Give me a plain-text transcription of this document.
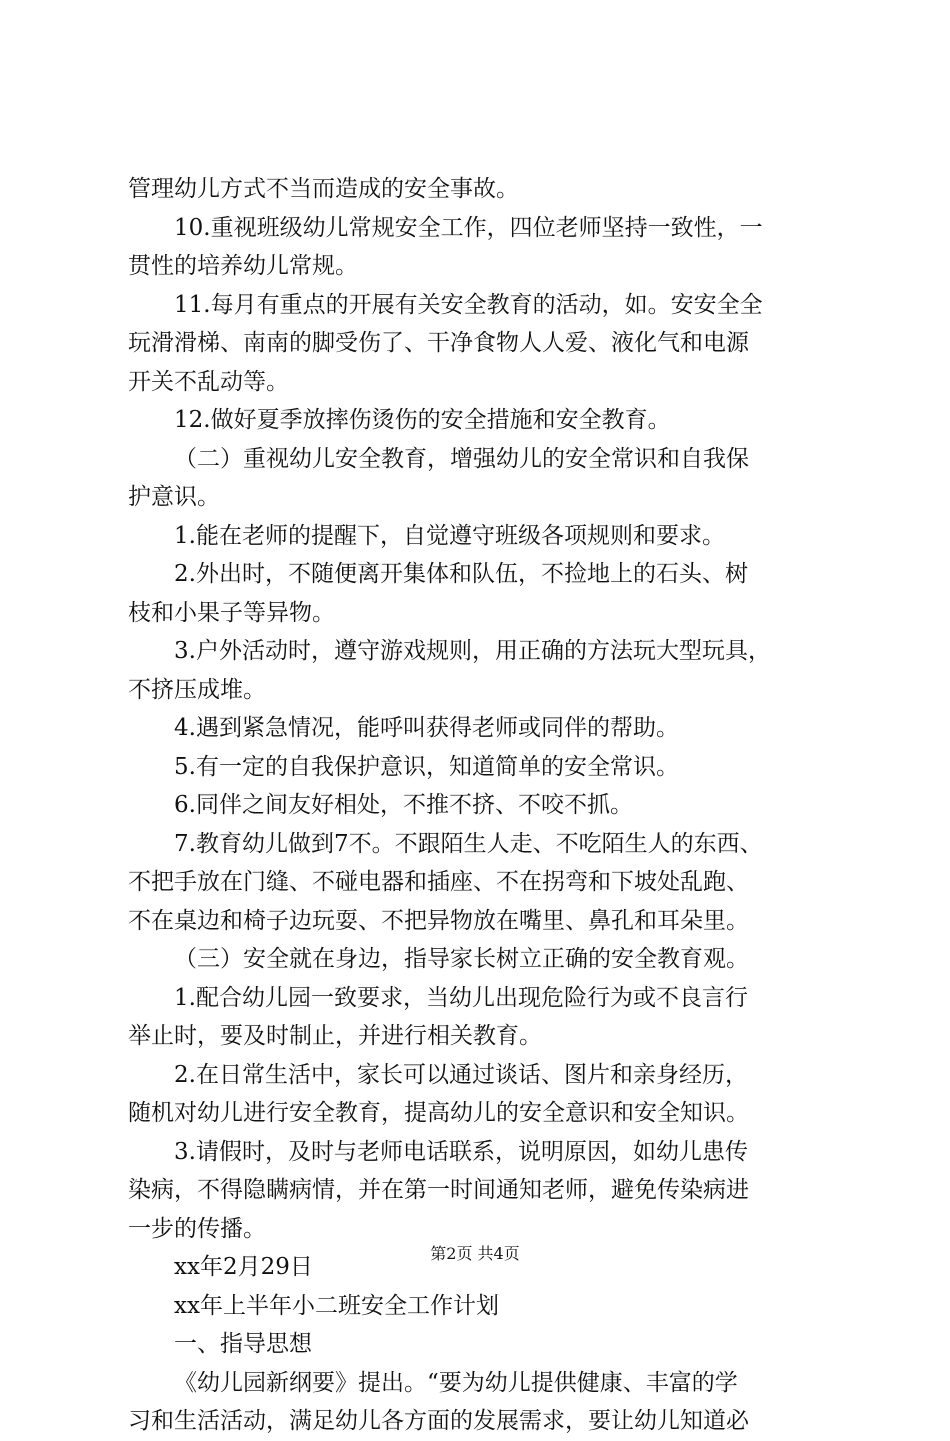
管理幼儿方式不当而造成的安全事故。
10.重视班级幼儿常规安全工作，四位老师坚持一致性，一
贯性的培养幼儿常规。
11.每月有重点的开展有关安全教育的活动，如。安安全全
玩滑滑梯、南南的脚受伤了、干净食物人人爱、液化气和电源
开关不乱动等。
12.做好夏季放摔伤烫伤的安全措施和安全教育。
（二）重视幼儿安全教育，增强幼儿的安全常识和自我保
护意识。
1.能在老师的提醒下，自觉遵守班级各项规则和要求。
2.外出时，不随便离开集体和队伍，不捡地上的石头、树
枝和小果子等异物。
3.户外活动时，遵守游戏规则，用正确的方法玩大型玩具，
不挤压成堆。
4.遇到紧急情况，能呼叫获得老师或同伴的帮助。
5.有一定的自我保护意识，知道简单的安全常识。
6.同伴之间友好相处，不推不挤、不咬不抓。
7.教育幼儿做到7不。不跟陌生人走、不吃陌生人的东西、
不把手放在门缝、不碰电器和插座、不在拐弯和下坡处乱跑、
不在桌边和椅子边玩耍、不把异物放在嘴里、鼻孔和耳朵里。
（三）安全就在身边，指导家长树立正确的安全教育观。
1.配合幼儿园一致要求，当幼儿出现危险行为或不良言行
举止时，要及时制止，并进行相关教育。
2.在日常生活中，家长可以通过谈话、图片和亲身经历，
随机对幼儿进行安全教育，提高幼儿的安全意识和安全知识。
3.请假时，及时与老师电话联系，说明原因，如幼儿患传
染病，不得隐瞒病情，并在第一时间通知老师，避免传染病进
一步的传播。
xx年2月29日
xx年上半年小二班安全工作计划
一、指导思想
《幼儿园新纲要》提出。“要为幼儿提供健康、丰富的学
习和生活活动，满足幼儿各方面的发展需求，要让幼儿知道必
第2页 共4页
